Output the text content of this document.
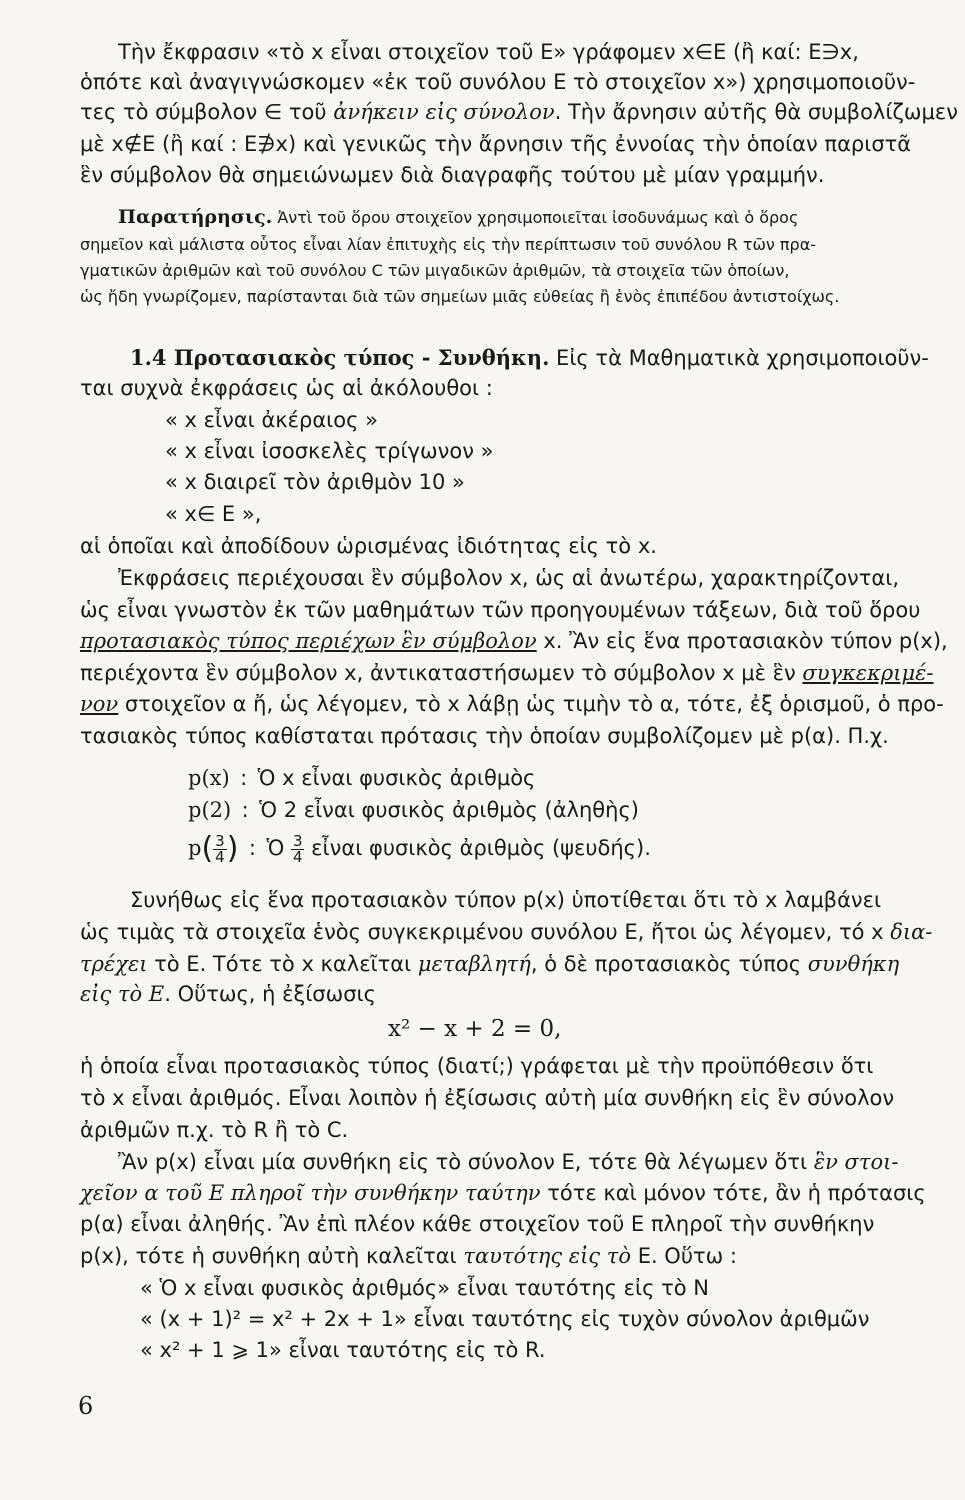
Τὴν ἔκφρασιν «τὸ x εἶναι στοιχεῖον τοῦ Ε» γράφομεν x∈E (ἢ καί: E∋x,

ὁπότε καὶ ἀναγιγνώσκομεν «ἐκ τοῦ συνόλου Ε τὸ στοιχεῖον x») χρησιμοποιοῦν-

τες τὸ σύμβολον ∈ τοῦ ἀνήκειν εἰς σύνολον. Τὴν ἄρνησιν αὐτῆς θὰ συμβολίζωμεν

μὲ x∉E (ἢ καί : E∌x) καὶ γενικῶς τὴν ἄρνησιν τῆς ἐννοίας τὴν ὁποίαν παριστᾶ

ἓν σύμβολον θὰ σημειώνωμεν διὰ διαγραφῆς τούτου μὲ μίαν γραμμήν.

Παρατήρησις. Ἀντὶ τοῦ ὅρου στοιχεῖον χρησιμοποιεῖται ἰσοδυνάμως καὶ ὁ ὅρος

σημεῖον καὶ μάλιστα οὗτος εἶναι λίαν ἐπιτυχὴς εἰς τὴν περίπτωσιν τοῦ συνόλου R τῶν πρα-

γματικῶν ἀριθμῶν καὶ τοῦ συνόλου C τῶν μιγαδικῶν ἀριθμῶν, τὰ στοιχεῖα τῶν ὁποίων,

ὡς ἤδη γνωρίζομεν, παρίστανται διὰ τῶν σημείων μιᾶς εὐθείας ἢ ἑνὸς ἐπιπέδου ἀντιστοίχως.

1.4 Προτασιακὸς τύπος - Συνθήκη. Εἰς τὰ Μαθηματικὰ χρησιμοποιοῦν-

ται συχνὰ ἐκφράσεις ὡς αἱ ἀκόλουθοι :

« x εἶναι ἀκέραιος »

« x εἶναι ἰσοσκελὲς τρίγωνον »

« x διαιρεῖ τὸν ἀριθμὸν 10 »

« x∈ E »,

αἱ ὁποῖαι καὶ ἀποδίδουν ὡρισμένας ἰδιότητας εἰς τὸ x.

Ἐκφράσεις περιέχουσαι ἓν σύμβολον x, ὡς αἱ ἀνωτέρω, χαρακτηρίζονται,

ὡς εἶναι γνωστὸν ἐκ τῶν μαθημάτων τῶν προηγουμένων τάξεων, διὰ τοῦ ὅρου

προτασιακὸς τύπος περιέχων ἓν σύμβολον x. Ἂν εἰς ἕνα προτασιακὸν τύπον p(x),

περιέχοντα ἓν σύμβολον x, ἀντικαταστήσωμεν τὸ σύμβολον x μὲ ἓν συγκεκριμέ-

νον στοιχεῖον α ἤ, ὡς λέγομεν, τὸ x λάβῃ ὡς τιμὴν τὸ α, τότε, ἐξ ὁρισμοῦ, ὁ προ-

τασιακὸς τύπος καθίσταται πρότασις τὴν ὁποίαν συμβολίζομεν μὲ p(α). Π.χ.

p(x) : Ὁ x εἶναι φυσικὸς ἀριθμὸς

p(2) : Ὁ 2 εἶναι φυσικὸς ἀριθμὸς (ἀληθὴς)

$p( \frac{3}{4}$ ) : Ὁ $\frac{3}{4}$ εἶναι φυσικὸς ἀριθμὸς (ψευδής).

Συνήθως εἰς ἕνα προτασιακὸν τύπον p(x) ὑποτίθεται ὅτι τὸ x λαμβάνει

ὡς τιμὰς τὰ στοιχεῖα ἑνὸς συγκεκριμένου συνόλου Ε, ἤτοι ὡς λέγομεν, τό x δια-

τρέχει τὸ Ε. Τότε τὸ x καλεῖται μεταβλητή, ὁ δὲ προτασιακὸς τύπος συνθήκη

εἰς τὸ Ε. Οὕτως, ἡ ἐξίσωσις

x² − x + 2 = 0,

ἡ ὁποία εἶναι προτασιακὸς τύπος (διατί;) γράφεται μὲ τὴν προϋπόθεσιν ὅτι

τὸ x εἶναι ἀριθμός. Εἶναι λοιπὸν ἡ ἐξίσωσις αὐτὴ μία συνθήκη εἰς ἓν σύνολον

ἀριθμῶν π.χ. τὸ R ἢ τὸ C.

Ἂν p(x) εἶναι μία συνθήκη εἰς τὸ σύνολον Ε, τότε θὰ λέγωμεν ὅτι ἓν στοι-

χεῖον α τοῦ Ε πληροῖ τὴν συνθήκην ταύτην τότε καὶ μόνον τότε, ἂν ἡ πρότασις

p(α) εἶναι ἀληθής. Ἂν ἐπὶ πλέον κάθε στοιχεῖον τοῦ Ε πληροῖ τὴν συνθήκην

p(x), τότε ἡ συνθήκη αὐτὴ καλεῖται ταυτότης εἰς τὸ Ε. Οὕτω :

« Ὁ x εἶναι φυσικὸς ἀριθμός» εἶναι ταυτότης εἰς τὸ N

« (x + 1)² = x² + 2x + 1» εἶναι ταυτότης εἰς τυχὸν σύνολον ἀριθμῶν

« x² + 1 ⩾ 1» εἶναι ταυτότης εἰς τὸ R.

6
